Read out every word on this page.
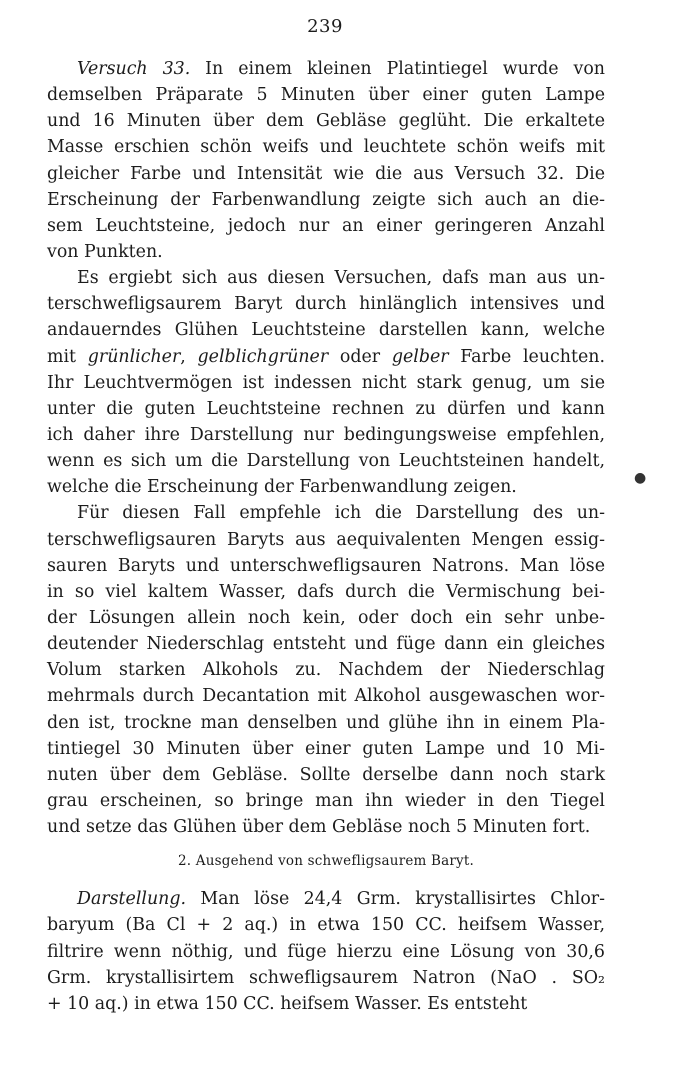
239
Versuch 33. In einem kleinen Platintiegel wurde von
demselben Präparate 5 Minuten über einer guten Lampe
und 16 Minuten über dem Gebläse geglüht. Die erkaltete
Masse erschien schön weifs und leuchtete schön weifs mit
gleicher Farbe und Intensität wie die aus Versuch 32. Die
Erscheinung der Farbenwandlung zeigte sich auch an die-
sem Leuchtsteine, jedoch nur an einer geringeren Anzahl
von Punkten.
Es ergiebt sich aus diesen Versuchen, dafs man aus un-
terschwefligsaurem Baryt durch hinlänglich intensives und
andauerndes Glühen Leuchtsteine darstellen kann, welche
mit grünlicher, gelblichgrüner oder gelber Farbe leuchten.
Ihr Leuchtvermögen ist indessen nicht stark genug, um sie
unter die guten Leuchtsteine rechnen zu dürfen und kann
ich daher ihre Darstellung nur bedingungsweise empfehlen,
wenn es sich um die Darstellung von Leuchtsteinen handelt,
welche die Erscheinung der Farbenwandlung zeigen.
Für diesen Fall empfehle ich die Darstellung des un-
terschwefligsauren Baryts aus aequivalenten Mengen essig-
sauren Baryts und unterschwefligsauren Natrons. Man löse
in so viel kaltem Wasser, dafs durch die Vermischung bei-
der Lösungen allein noch kein, oder doch ein sehr unbe-
deutender Niederschlag entsteht und füge dann ein gleiches
Volum starken Alkohols zu. Nachdem der Niederschlag
mehrmals durch Decantation mit Alkohol ausgewaschen wor-
den ist, trockne man denselben und glühe ihn in einem Pla-
tintiegel 30 Minuten über einer guten Lampe und 10 Mi-
nuten über dem Gebläse. Sollte derselbe dann noch stark
grau erscheinen, so bringe man ihn wieder in den Tiegel
und setze das Glühen über dem Gebläse noch 5 Minuten fort.
2. Ausgehend von schwefligsaurem Baryt.
Darstellung. Man löse 24,4 Grm. krystallisirtes Chlor-
baryum (Ba Cl + 2 aq.) in etwa 150 CC. heifsem Wasser,
filtrire wenn nöthig, und füge hierzu eine Lösung von 30,6
Grm. krystallisirtem schwefligsaurem Natron (NaO . SO₂
+ 10 aq.) in etwa 150 CC. heifsem Wasser. Es entsteht
●
